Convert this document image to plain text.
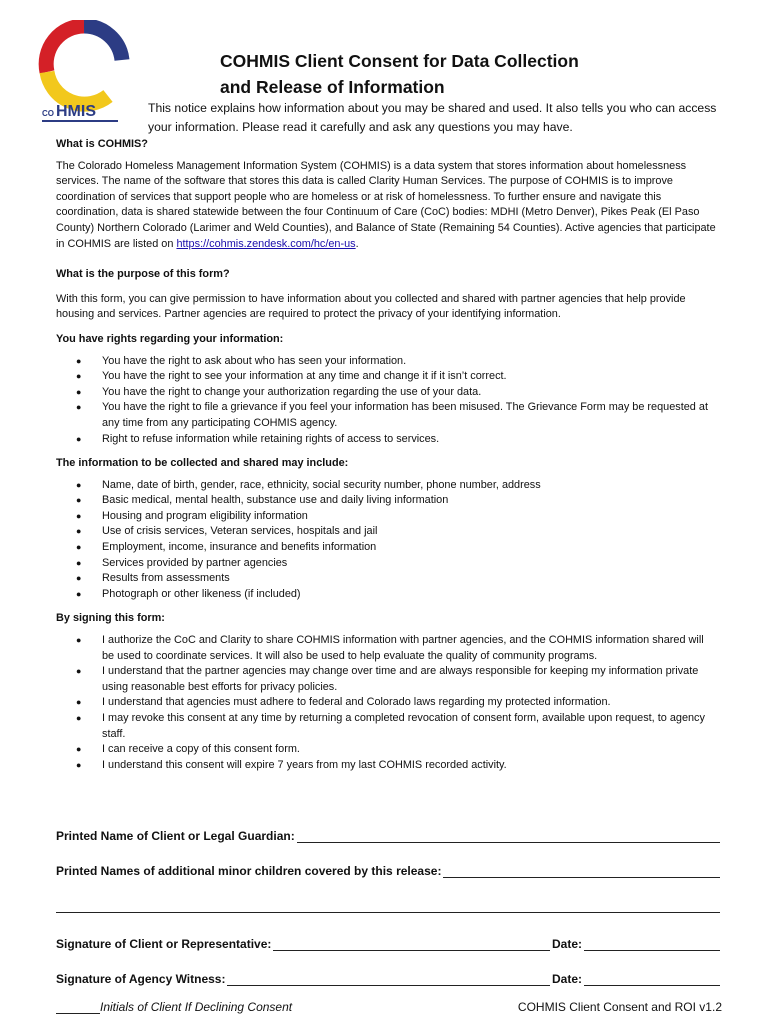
CO HMIS
COHMIS Client Consent for Data Collection
and Release of Information

This notice explains how information about you may be shared and used. It also tells you who can access your information. Please read it carefully and ask any questions you may have.

What is COHMIS?

The Colorado Homeless Management Information System (COHMIS) is a data system that stores information about homelessness services. The name of the software that stores this data is called Clarity Human Services. The purpose of COHMIS is to improve coordination of services that support people who are homeless or at risk of homelessness. To further ensure and navigate this coordination, data is shared statewide between the four Continuum of Care (CoC) bodies: MDHI (Metro Denver), Pikes Peak (El Paso County) Northern Colorado (Larimer and Weld Counties), and Balance of State (Remaining 54 Counties). Active agencies that participate in COHMIS are listed on https://cohmis.zendesk.com/hc/en-us.

What is the purpose of this form?

With this form, you can give permission to have information about you collected and shared with partner agencies that help provide housing and services. Partner agencies are required to protect the privacy of your identifying information.

You have rights regarding your information:
● You have the right to ask about who has seen your information.
● You have the right to see your information at any time and change it if it isn’t correct.
● You have the right to change your authorization regarding the use of your data.
● You have the right to file a grievance if you feel your information has been misused. The Grievance Form may be requested at any time from any participating COHMIS agency.
● Right to refuse information while retaining rights of access to services.
The information to be collected and shared may include:
● Name, date of birth, gender, race, ethnicity, social security number, phone number, address
● Basic medical, mental health, substance use and daily living information
● Housing and program eligibility information
● Use of crisis services, Veteran services, hospitals and jail
● Employment, income, insurance and benefits information
● Services provided by partner agencies
● Results from assessments
● Photograph or other likeness (if included)
By signing this form:
● I authorize the CoC and Clarity to share COHMIS information with partner agencies, and the COHMIS information shared will be used to coordinate services. It will also be used to help evaluate the quality of community programs.
● I understand that the partner agencies may change over time and are always responsible for keeping my information private using reasonable best efforts for privacy policies.
● I understand that agencies must adhere to federal and Colorado laws regarding my protected information.
● I may revoke this consent at any time by returning a completed revocation of consent form, available upon request, to agency staff.
● I can receive a copy of this consent form.
● I understand this consent will expire 7 years from my last COHMIS recorded activity.
Printed Name of Client or Legal Guardian:
Printed Names of additional minor children covered by this release:
Signature of Client or Representative:	Date:
Signature of Agency Witness:	Date:
Initials of Client If Declining Consent	COHMIS Client Consent and ROI v1.2
